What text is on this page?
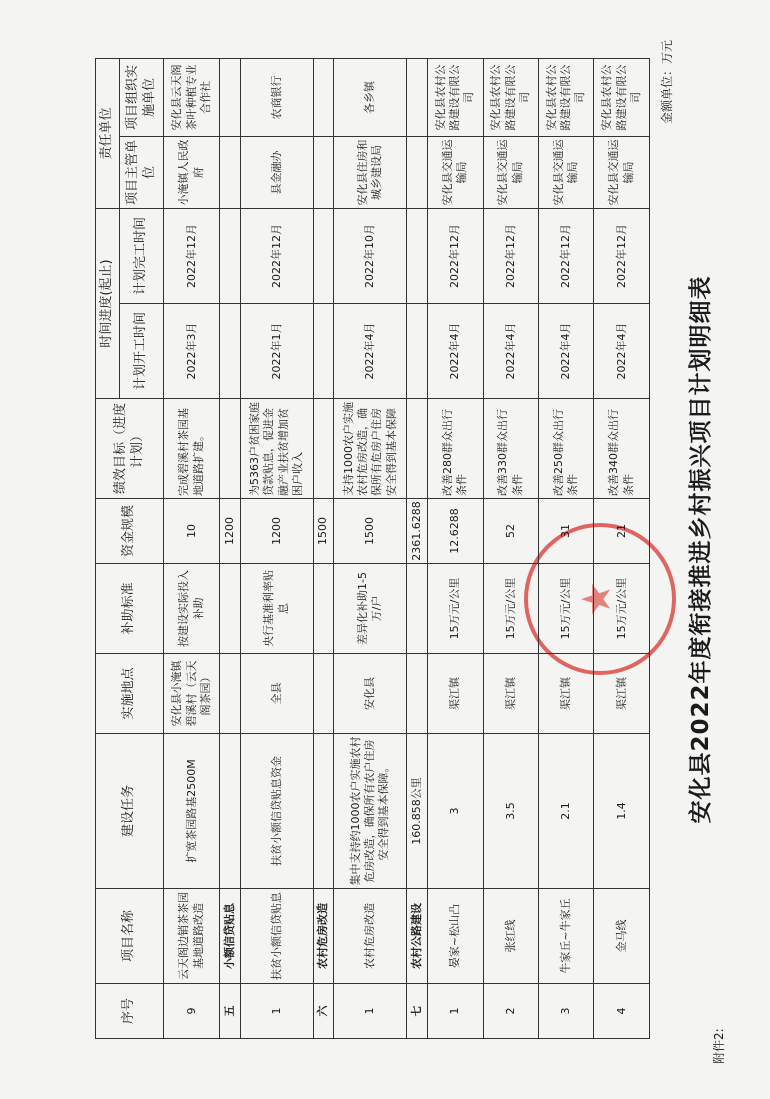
附件2:
安化县2022年度衔接推进乡村振兴项目计划明细表
金额单位：万元
★
序号	项目名称	建设任务	实施地点	补助标准	资金规模	绩效目标（进度计划）	时间进度(起止)		责任单位	
							计划开工时间	计划完工时间	项目主管单位	项目组织实施单位
9	云天阁边销茶茶园基地道路改造	扩宽茶园路基2500M	安化县小淹镇碧溪村（云天阁茶园）	按建设实际投入补助	10	完成碧溪村茶园基地道路扩建。	2022年3月	2022年12月	小淹镇人民政府	安化县云天阁茶叶种植专业合作社
五	小额信贷贴息				1200					
1	扶贫小额信贷贴息	扶贫小额信贷贴息资金	全县	央行基准利率贴息	1200	为5363户贫困家庭贷款贴息，促进金融产业扶贫增加贫困户收入	2022年1月	2022年12月	县金融办	农商银行
六	农村危房改造				1500					
1	农村危房改造	集中支持约1000农户实施农村危房改造，确保所有农户住房安全得到基本保障。	安化县	差异化补助1-5万/户	1500	支持1000农户实施农村危房改造，确保所有危房户住房安全得到基本保障	2022年4月	2022年10月	安化县住房和城乡建设局	各乡镇
七	农村公路建设	160.858公里			2361.6288					
1	晏家~松山凸	3	渠江镇	15万元/公里	12.6288	改善280群众出行条件	2022年4月	2022年12月	安化县交通运输局	安化县农村公路建设有限公司
2	张红线	3.5	渠江镇	15万元/公里	52	改善330群众出行条件	2022年4月	2022年12月	安化县交通运输局	安化县农村公路建设有限公司
3	牛家丘~牛家丘	2.1	渠江镇	15万元/公里	31	改善250群众出行条件	2022年4月	2022年12月	安化县交通运输局	安化县农村公路建设有限公司
4	金马线	1.4	渠江镇	15万元/公里	21	改善340群众出行条件	2022年4月	2022年12月	安化县交通运输局	安化县农村公路建设有限公司
